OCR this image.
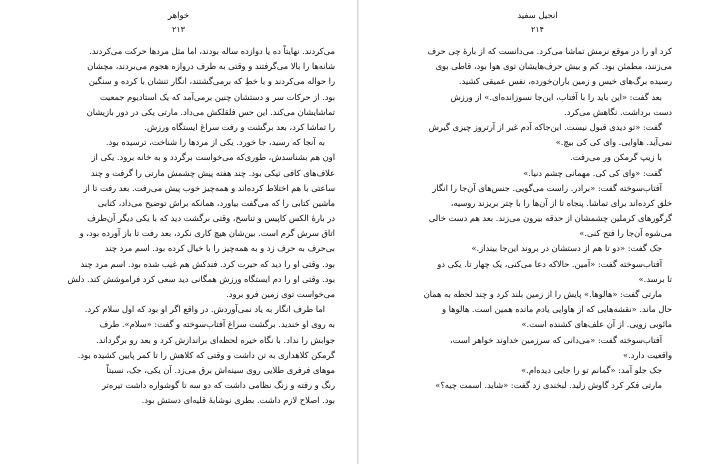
خواهر
۲۱۳
می‌کردند. نهایتاً ده یا دوازده ساله بودند، اما مثل مردها حرکت می‌کردند.
شانه‌ها را بالا می‌گرفتند و وقتی به طرف دروازه هجوم می‌بردند، مچشان
را حواله می‌کردند و با خطِ که برمی‌گشتند، انگار تنشان با کرده و سنگین
بود. از حرکات سر و دستشان چنین برمی‌آمد که یک استادیوم جمعیت
تماشایشان می‌کند. این حس فلقلکش می‌داد. مارتی یکی در دور بازیشان
را تماشا کرد، بعد برگشت و رفت سراغ ایستگاه ورزش.
به آنجا که رسید، جا خورد. یکی از مردها را شناخت، ترسیده بود.
اون هم بشناسدش، طوری‌که می‌خواست برگردد و به خانه برود. یکی از
علاف‌های کافی تیکی بود. چند هفته پیش چشمش مارتی را گرفت و چند
ساعتی با هم اختلاط کرده‌اند و همه‌چیز خوب پیش می‌رفت. بعد رفت تا از
ماشین کتابی را که می‌گفت بیاورد، همانکه براش توضیح می‌داد، کتابی
در بارهٔ الکس کاپیس و تناسخ، وقتی برگشت دید که با یکی دیگر آن‌طرف
اتاق سرش گرم است. بین‌شان هیچ کاری نکرد، بعد رفت تا باز آورده بود، و
بی‌حرف به حرف زد و به همه‌چیز را با خیال کرده بود. اسم مرد چند
بود. وقتی او را دید که حیرت کرد. فندکش هم غیب شده بود. اسم مرد چند
بود. وقتی او را دم ایستگاه ورزش همگانی دید سعی کرد فراموشش کند. دلش
می‌خواست توی زمین فرو برود.
اما طرف انگار به یاد نمی‌آوردش. در واقع اگر او بود که اول سلام کرد.
به روی او خندید. برگشت سراغ آفتاب‌سوخته و گفت: «سلام». طرف
جوابش را نداد. با نگاه خیره لحظه‌ای براندازش کرد و بعد رو برگرداند.
گرمکن کلاهداری به تن داشت و وقتی که کلاهش را تا کمر پایین کشیده بود.
موهای فرفری طلایی روی سینه‌اش برق می‌زد. آن یکی، جک، نسبتاً
رنگ و رفته و زنگ نظامی داشت که دو سه تا گوشواره داشت تیره‌تر
بود. اصلاح لازم داشت. بطری نوشابهٔ قلیه‌ای دستش بود.
انجیل سفید
۲۱۴
کرد او را در موقع نرمش تماشا می‌کرد. می‌دانست که از بارهٔ چی حرف
می‌زنند، مطمئن بود. کم و بیش حرف‌هایشان توی هوا بود، قاطی بوی
رسیده برگ‌های خیس و زمین باران‌خورده، نفس عمیقی کشید.
بعد گفت: «این باید را با آفتاب، این‌جا نسوزانده‌ای.» از ورزش
دست برداشت. نگاهش می‌کرد.
گفت: «تو دیدی قبول نیست. این‌جاکه آدم غیر از آرتروز چیزی گیرش
نمی‌آید. هاوایی. وای کی کی بیچ.»
با زیپ گرمکن ور می‌رفت.
گفت: «وای کی کی. مهمانی چشم دنیا.»
آفتاب‌سوخته گفت: «برادر. راست می‌گویی. جنس‌های آن‌جا را انگار
خلق کرده‌اند برای تماشا. پنجاه تا از آن‌ها را با چتر بریزند روسیه،
گرگورهای کرملین چشمشان از حدقه بیرون می‌زند. بعد هم دست خالی
می‌شوه آن‌جا را فتح کنی.»
جک گفت: «دو تا هم از دستشان در بروند این‌جا بینداز.»
آفتاب‌سوخته گفت: «آمین. حالاکه دعا می‌کنی، یک چهار تا. یکی دو
تا برسد.»
مارتی گفت: «هالو‌ها.» پایش را از زمین بلند کرد و چند لحظه به همان
حال ماند. «نقشه‌هایی که از هاوایی یادم مانده همین است. هالو‌ها و
مائوبی زویی. از آن علف‌های کشنده است.»
آفتاب‌سوخته گفت: «می‌دانی که سرزمین خداوند خواهر است،
واقعیت دارد.»
جک جلو آمد: «گمانم تو را جایی دیده‌ام.»
مارتی فکر کرد گاوش زلید. لبخندی زد گفت: «شاید. اسمت چیه؟»
